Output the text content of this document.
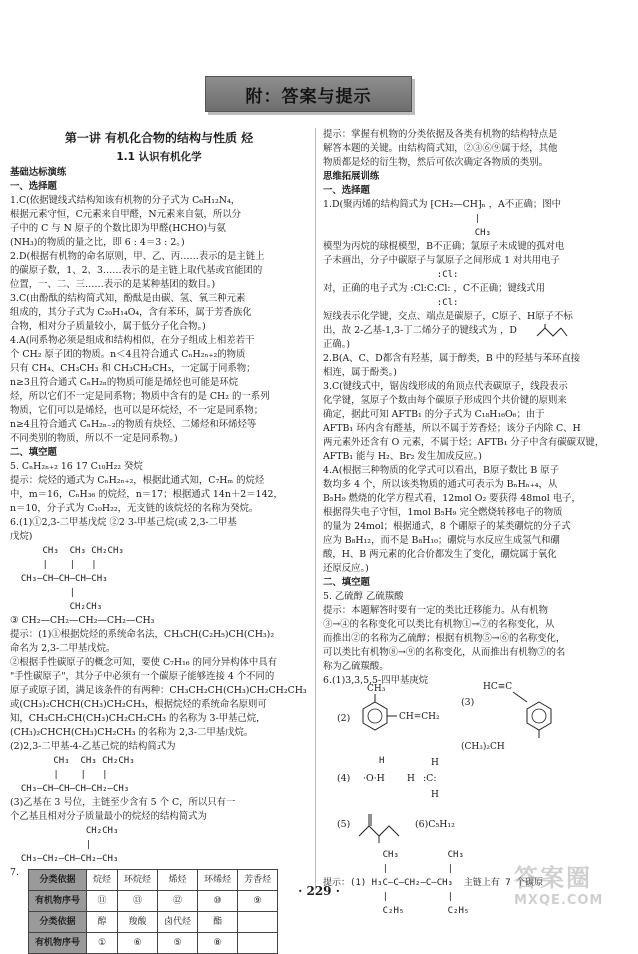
附：答案与提示
第一讲 有机化合物的结构与性质 烃
1.1 认识有机化学
基础达标演练
一、选择题
1.C(依据键线式结构知该有机物的分子式为 C₆H₁₂N₄，
根据元素守恒，C元素来自甲醛，N元素来自氨，所以分
子中的 C 与 N 原子的个数比即为甲醛(HCHO)与氨
(NH₃)的物质的量之比，即 6 : 4＝3 : 2。)
2.D(根据有机物的命名原则，甲、乙、丙……表示的是主链上
的碳原子数，1、2、3……表示的是主链上取代基或官能团的
位置，一、二、三……表示的是某种基团的数目。)
3.C(由酚酞的结构简式知，酚酞是由碳、氢、氧三种元素
组成的，其分子式为 C₂₀H₁₄O₄，含有苯环，属于芳香族化
合物，相对分子质量较小，属于低分子化合物。)
4.A(同系物必须是组成和结构相似，在分子组成上相差若干
个 CH₂ 原子团的物质。n＜4且符合通式 CₙH₂ₙ₊₂的物质
只有 CH₄、CH₃CH₃ 和 CH₃CH₂CH₃，一定属于同系物；
n≥3且符合通式 CₙH₂ₙ的物质可能是烯烃也可能是环烷
烃，所以它们不一定是同系物；物质中含有的是 CH₂ 的一系列
物质，它们可以是烯烃，也可以是环烷烃，不一定是同系物；
n≥4且符合通式 CₙH₂ₙ₋₂的物质有炔烃、二烯烃和环烯烃等
不同类别的物质，所以不一定是同系物。)
二、填空题
5. CₙH₂ₙ₊₂ 16 17 C₁₀H₂₂ 癸烷
提示：烷烃的通式为 CₙH₂ₙ₊₂，根据此通式知，C₇Hₘ 的烷烃
中，m＝16，CₙH₃₆ 的烷烃，n＝17；根据通式 14n＋2＝142，
n＝10，分子式为 C₁₀H₂₂，无支链的该烷烃的名称为癸烷。
6.(1)①2,3-二甲基戊烷 ②2 3-甲基己烷(或 2,3-二甲基
戊烷)
CH₃  CH₃ CH₂CH₃
|    |   |
CH₃—CH—CH—CH—CH₃
|
CH₂CH₃
③ CH₂—CH₂—CH₂—CH₂—CH₃
提示：(1)①根据烷烃的系统命名法，CH₃CH(C₂H₅)CH(CH₃)₂
命名为 2,3-二甲基戊烷。
②根据手性碳原子的概念可知，要使 C₇H₁₆ 的同分异构体中具有
"手性碳原子"，其分子中必须有一个碳原子能够连接 4 个不同的
原子或原子团，满足该条件的有两种：CH₃CH₂CH(CH₃)CH₂CH₂CH₃
或(CH₃)₂CHCH(CH₃)CH₂CH₃，根据烷烃的系统命名原则可
知，CH₃CH₂CH(CH₃)CH₂CH₂CH₃ 的名称为 3-甲基己烷，
(CH₃)₂CHCH(CH₃)CH₂CH₃ 的名称为 2,3-二甲基戊烷。
(2)2,3-二甲基-4-乙基己烷的结构简式为
CH₃  CH₃ CH₂CH₃
|    |   |
CH₃—CH—CH—CH—CH₂—CH₃
(3)乙基在 3 号位，主链至少含有 5 个 C，所以只有一
个乙基且相对分子质量最小的烷烃的结构简式为
CH₂CH₃
|
CH₃—CH₂—CH—CH₂—CH₃
7.
分类依据	烷烃	环烷烃	烯烃	环烯烃	芳香烃
有机物序号	⑪	⑬	⑫	⑩	⑨
分类依据	醇	羧酸	卤代烃	酯	
有机物序号	①	⑥	⑤	⑧	
提示：掌握有机物的分类依据及各类有机物的结构特点是
解答本题的关键。由结构简式知，②③⑥⑨属于烃，其他
物质都是烃的衍生物，然后可依次确定各物质的类别。
思维拓展训练
一、选择题
1.D(聚丙烯的结构简式为 ⁅CH₂—CH⁆ₙ ，A不正确；图中
|
CH₃
模型为丙烷的球棍模型，B不正确；氯原子未成键的孤对电
子未画出，分子中碳原子与氯原子之间形成 1 对共用电子
:Cl:
对，正确的电子式为 :Cl:C:Cl: ，C不正确；键线式用
:Cl:
短线表示化学键，交点、端点是碳原子，C原子、H原子不标
出，故 2-乙基-1,3-丁二烯分子的键线式为 ，D
正确。)
2.B(A、C、D都含有羟基，属于醇类，B 中的羟基与苯环直接
相连，属于酚类。)
3.C(键线式中，锯齿线形成的角顶点代表碳原子，线段表示
化学键，氢原子个数由每个碳原子形成四个共价键的原则来
确定，据此可知 AFTB₁ 的分子式为 C₁₈H₁₆O₆；由于
AFTB₁ 环内含有醛基，所以不属于芳香烃；该分子内除 C、H
两元素外还含有 O 元素，不属于烃；AFTB₁ 分子中含有碳碳双键，
AFTB₁ 能与 H₂、Br₂ 发生加成反应。)
4.A(根据三种物质的化学式可以看出，B原子数比 B 原子
数均多 4 个，所以该类物质的通式可表示为 BₙHₙ₊₄，从
B₅H₉ 燃烧的化学方程式看，12mol O₂ 要获得 48mol 电子，
根据得失电子守恒，1mol B₅H₉ 完全燃烧转移电子的物质
的量为 24mol；根据通式，8 个硼原子的某类硼烷的分子式
应为 B₈H₁₂，而不是 B₈H₁₀；硼烷与水反应生成氢气和硼
酸，H、B 两元素的化合价都发生了变化，硼烷属于氧化
还原反应。)
二、填空题
5. 乙硫醇 乙硫羰酸
提示：本题解答时要有一定的类比迁移能力。从有机物
③→④的名称变化可以类比有机物①→⑦的名称变化，从
而推出②的名称为乙硫醇；根据有机物⑤→⑥的名称变化，
可以类比有机物⑧→⑨的名称变化，从而推出有机物⑦的名
称为乙硫羰酸。
6.(1)3,3,5,5-四甲基庚烷
(2)
CH₃
CH=CH₂
(3)
HC≡C
(CH₃)₂CH
H
(4) ·O·H
H
:C:
H
H
(5)	(6)C₅H₁₂
CH₃         CH₃
|           |
提示：(1) H₃C—C—CH₂—C—CH₃  主链上有 7 个碳原
|           |
C₂H₅        C₂H₅
· 229 ·	答案圈
MXQE.COM
